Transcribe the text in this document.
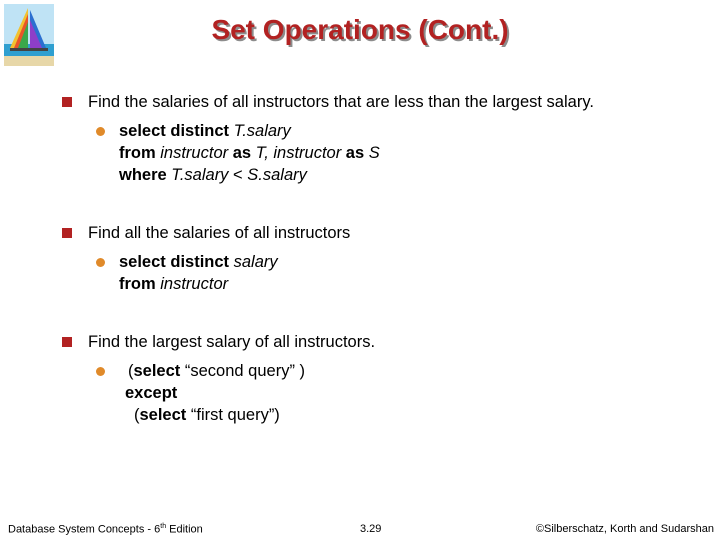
Set Operations (Cont.)
Find the salaries of all instructors that are less than the largest salary.
select distinct T.salary
from instructor as T, instructor as S
where T.salary < S.salary
Find all the salaries of all instructors
select distinct salary
from instructor
Find the largest salary of all instructors.
(select “second query” )
except
(select “first query”)
Database System Concepts - 6th Edition	3.29	©Silberschatz, Korth and Sudarshan
